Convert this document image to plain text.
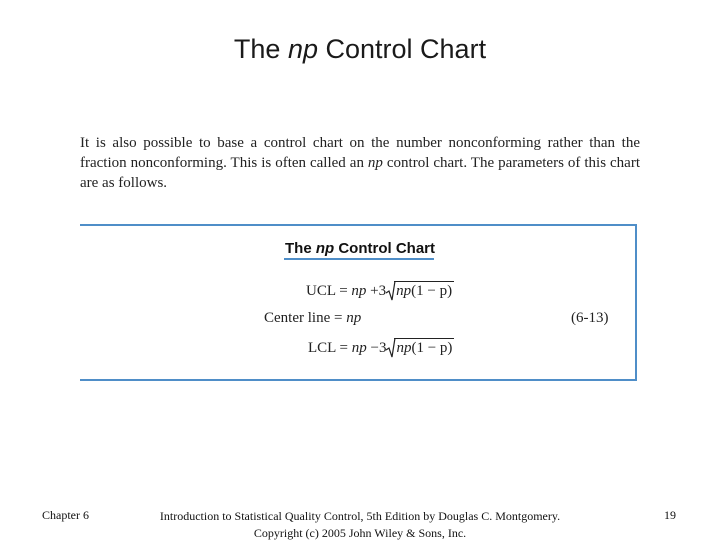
The np Control Chart
It is also possible to base a control chart on the number nonconforming rather than the fraction nonconforming. This is often called an np control chart. The parameters of this chart are as follows.
The np Control Chart
UCL = np +3 np(1 − p)
Center line = np
LCL = np −3 np(1 − p)
(6-13)
Chapter 6	Introduction to Statistical Quality Control, 5th Edition by Douglas C. Montgomery.
Copyright (c) 2005 John Wiley & Sons, Inc.
19
